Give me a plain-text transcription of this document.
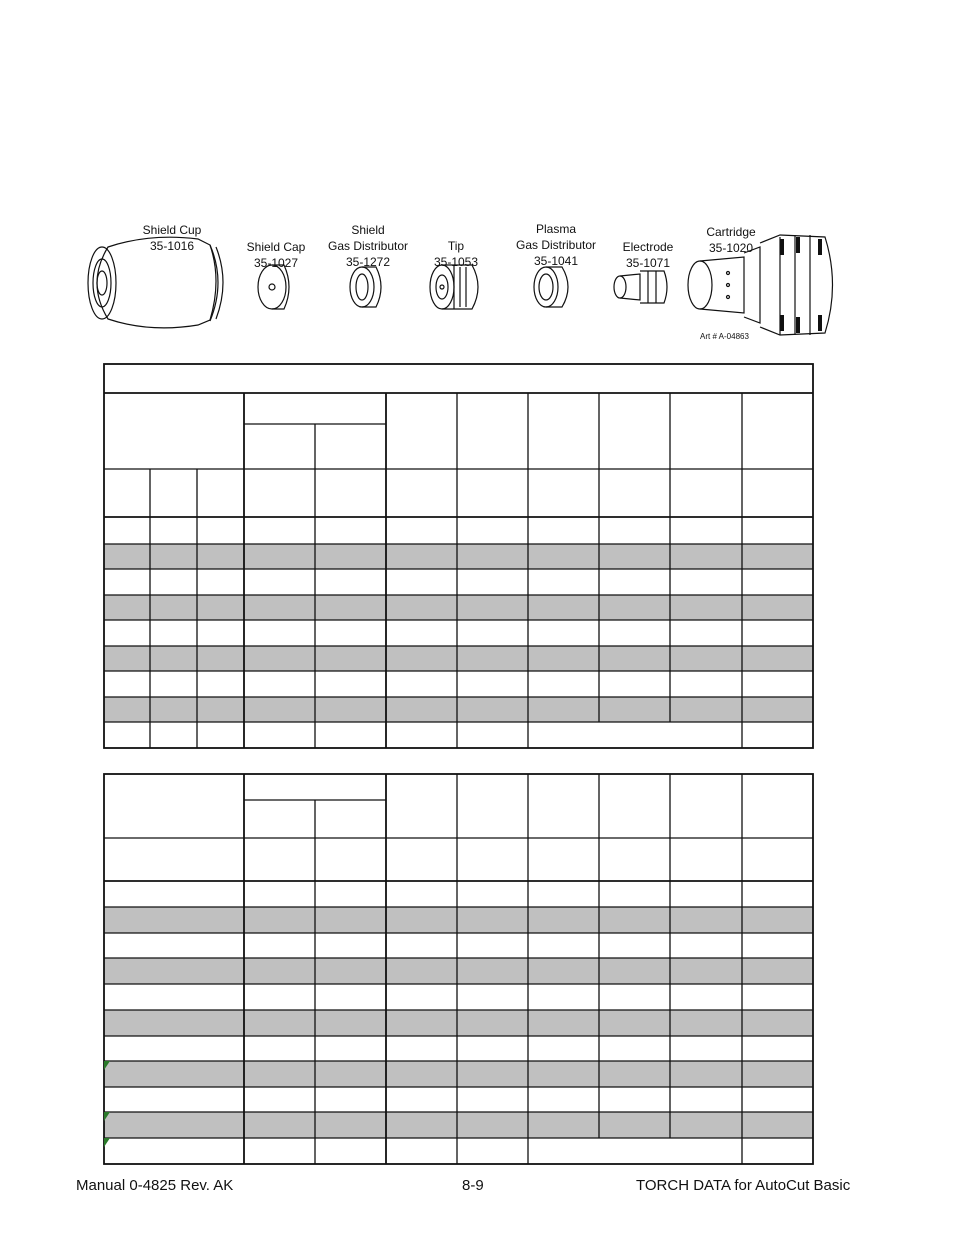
Shield Cup
35-1016	Shield Cap
35-1027

Shield
Gas Distributor
35-1272

Tip
35-1053

Plasma
Gas Distributor
35-1041

Electrode
35-1071

Cartridge
35-1020

Art # A-04863
Manual 0-4825 Rev. AK	8-9	TORCH DATA for AutoCut Basic
